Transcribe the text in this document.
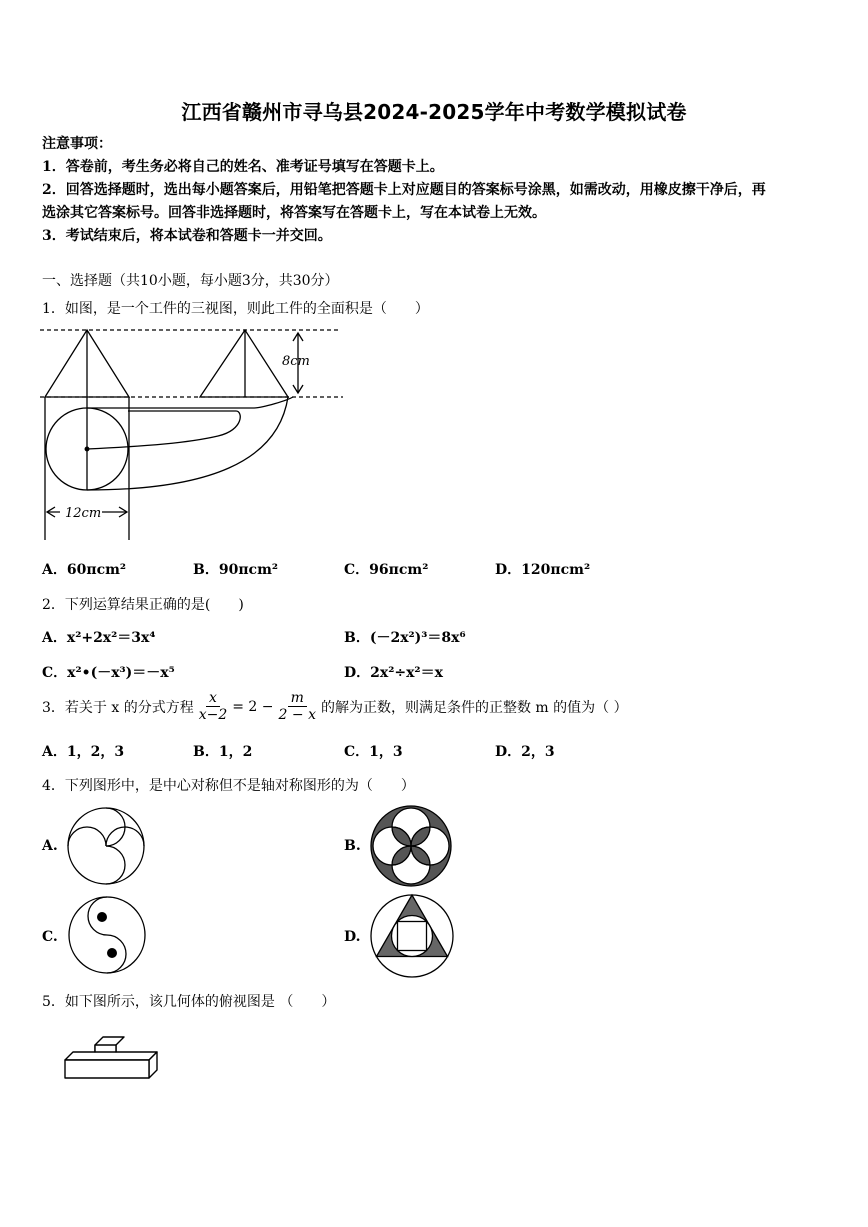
江西省赣州市寻乌县2024-2025学年中考数学模拟试卷
注意事项：
1．答卷前，考生务必将自己的姓名、准考证号填写在答题卡上。
2．回答选择题时，选出每小题答案后，用铅笔把答题卡上对应题目的答案标号涂黑，如需改动，用橡皮擦干净后，再
选涂其它答案标号。回答非选择题时，将答案写在答题卡上，写在本试卷上无效。
3．考试结束后，将本试卷和答题卡一并交回。
一、选择题（共10小题，每小题3分，共30分）
1．如图，是一个工件的三视图，则此工件的全面积是（　　）
8cm
12cm
A．60πcm²	B．90πcm²	C．96πcm²	D．120πcm²
2．下列运算结果正确的是(　　)
A．x²+2x²＝3x⁴	B．(－2x²)³＝8x⁶
C．x²•(－x³)＝－x⁵	D．2x²÷x²＝x
3．若关于 x 的分式方程 $\frac{x}{x-2} = 2 - \frac{m}{2 - x}$ 的解为正数，则满足条件的正整数 m 的值为（ ）
A．1，2，3	B．1，2	C．1，3	D．2，3
4．下列图形中，是中心对称但不是轴对称图形的为（　　）
A.	B.
C.	D.
5．如下图所示，该几何体的俯视图是 （　　）
